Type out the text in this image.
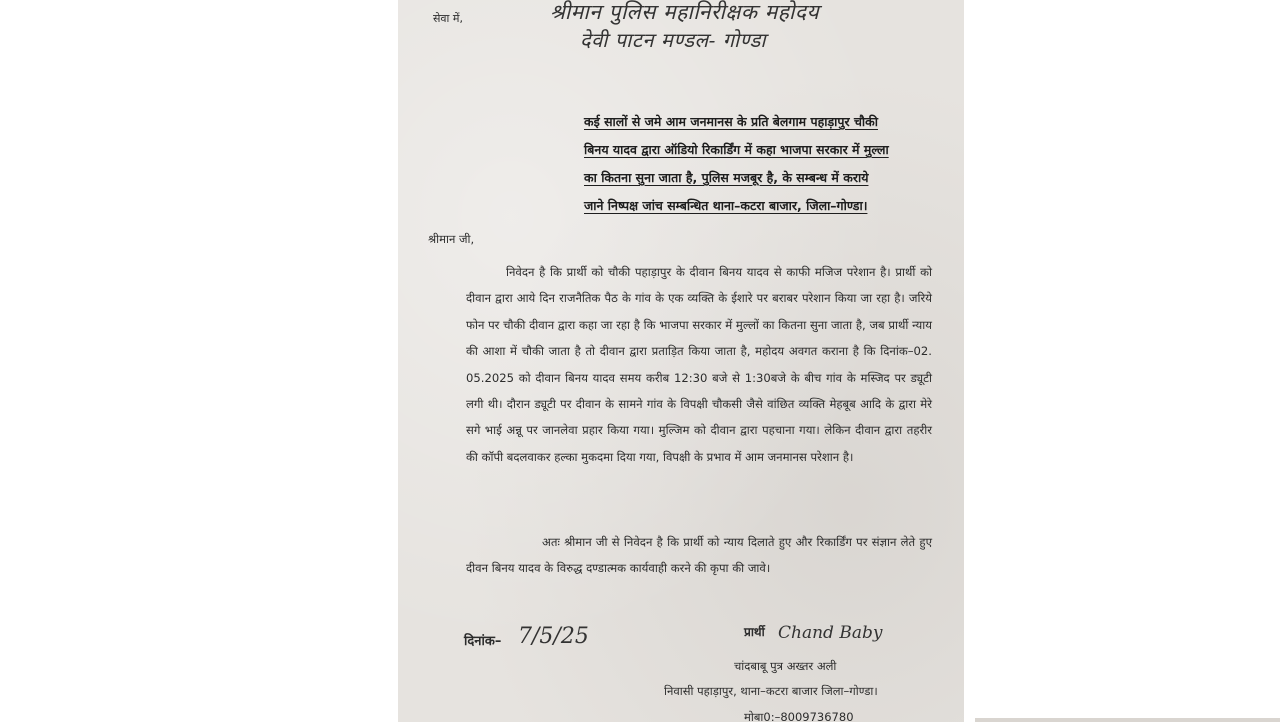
सेवा में,	श्रीमान पुलिस महानिरीक्षक महोदय
देवी पाटन मण्डल- गोण्डा
कई सालों से जमे आम जनमानस के प्रति बेलगाम पहाड़ापुर चौकी
बिनय यादव द्वारा ऑडियो रिकार्डिंग में कहा भाजपा सरकार में मुल्ला
का कितना सुना जाता है, पुलिस मजबूर है, के सम्बन्ध में कराये
जाने निष्पक्ष जांच सम्बन्धित थाना–कटरा बाजार, जिला–गोण्डा।
श्रीमान जी,
निवेदन है कि प्रार्थी को चौकी पहाड़ापुर के दीवान बिनय यादव से काफी मजिज परेशान है। प्रार्थी को दीवान द्वारा आये दिन राजनैतिक पैठ के गांव के एक व्यक्ति के ईशारे पर बराबर परेशान किया जा रहा है। जरिये फोन पर चौकी दीवान द्वारा कहा जा रहा है कि भाजपा सरकार में मुल्लों का कितना सुना जाता है, जब प्रार्थी न्याय की आशा में चौकी जाता है तो दीवान द्वारा प्रताड़ित किया जाता है, महोदय अवगत कराना है कि दिनांक–02. 05.2025 को दीवान बिनय यादव समय करीब 12:30 बजे से 1:30बजे के बीच गांव के मस्जिद पर ड्यूटी लगी थी। दौरान ड्यूटी पर दीवान के सामने गांव के विपक्षी चौकसी जैसे वांछित व्यक्ति मेहबूब आदि के द्वारा मेरे सगे भाई अन्नू पर जानलेवा प्रहार किया गया। मुल्जिम को दीवान द्वारा पहचाना गया। लेकिन दीवान द्वारा तहरीर की कॉपी बदलवाकर हल्का मुकदमा दिया गया, विपक्षी के प्रभाव में आम जनमानस परेशान है।
अतः श्रीमान जी से निवेदन है कि प्रार्थी को न्याय दिलाते हुए और रिकार्डिंग पर संज्ञान लेते हुए दीवन बिनय यादव के विरुद्ध दण्डात्मक कार्यवाही करने की कृपा की जावे।
दिनांक– 7/5/25	प्रार्थी Chand Baby
चांदबाबू पुत्र अख्तर अली
निवासी पहाड़ापुर, थाना–कटरा बाजार जिला–गोण्डा।
मोबा0:–8009736780
